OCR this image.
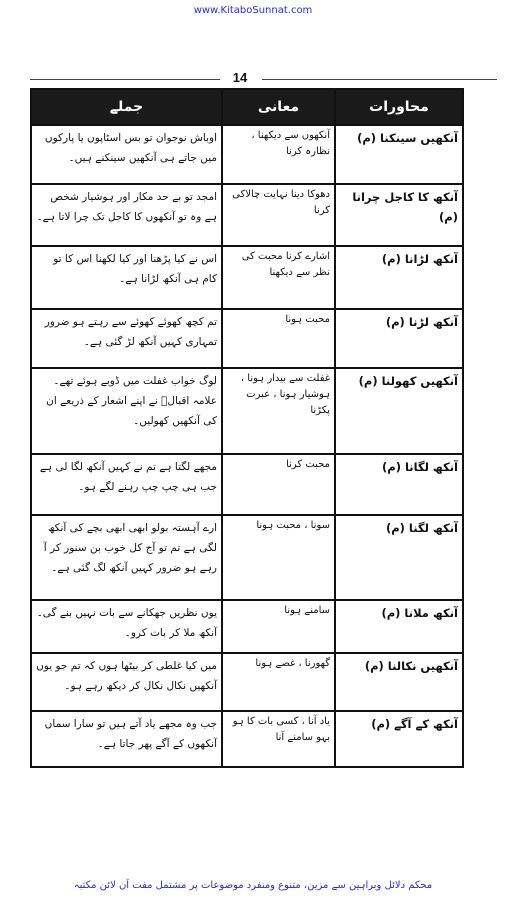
www.KitaboSunnat.com
14
جملے	معانی	محاورات
اوباش نوجوان تو بس اسٹاپوں یا پارکوں میں جاتے ہی آنکھیں سینکنے ہیں۔	آنکھوں سے دیکھنا ، نظارہ کرنا	آنکھیں سینکنا (م)
امجد تو بے حد مکار اور ہوشیار شخص ہے وہ تو آنکھوں کا کاجل تک چرا لاتا ہے۔	دھوکا دینا نہایت چالاکی کرنا	آنکھ کا کاجل چرانا (م)
اس نے کیا پڑھنا اور کیا لکھنا اس کا تو کام ہی آنکھ لڑانا ہے۔	اشارے کرنا محبت کی نظر سے دیکھنا	آنکھ لڑانا (م)
تم کچھ کھوئے کھوئے سے رہتے ہو ضرور تمہاری کہیں آنکھ لڑ گئی ہے۔	محبت ہونا	آنکھ لڑنا (م)
لوگ خواب غفلت میں ڈوبے ہوئے تھے۔ علامہ اقبالؒ نے اپنے اشعار کے ذریعے ان کی آنکھیں کھولیں۔	غفلت سے بیدار ہونا ، ہوشیار ہونا ، عبرت پکڑنا	آنکھیں کھولنا (م)
مجھے لگتا ہے تم نے کہیں آنکھ لگا لی ہے جب ہی چپ چپ رہنے لگے ہو۔	محبت کرنا	آنکھ لگانا (م)
ارے آہستہ بولو ابھی ابھی بچے کی آنکھ لگی ہے تم تو آج کل خوب بن سنور کر آ رہے ہو ضرور کہیں آنکھ لگ گئی ہے۔	سونا ، محبت ہونا	آنکھ لگنا (م)
یوں نظریں جھکانے سے بات نہیں بنے گی۔ آنکھ ملا کر بات کرو۔	سامنے ہونا	آنکھ ملانا (م)
میں کیا غلطی کر بیٹھا ہوں کہ تم جو یوں آنکھیں نکال نکال کر دیکھ رہے ہو۔	گھورنا ، غصے ہونا	آنکھیں نکالنا (م)
جب وہ مجھے یاد آتے ہیں تو سارا سماں آنکھوں کے آگے پھر جاتا ہے۔	یاد آنا ، کسی بات کا ہو بہو سامنے آنا	آنکھ کے آگے (م)
محکم دلائل وبراہین سے مزین، متنوع ومنفرد موضوعات پر مشتمل مفت آن لائن مکتبہ
